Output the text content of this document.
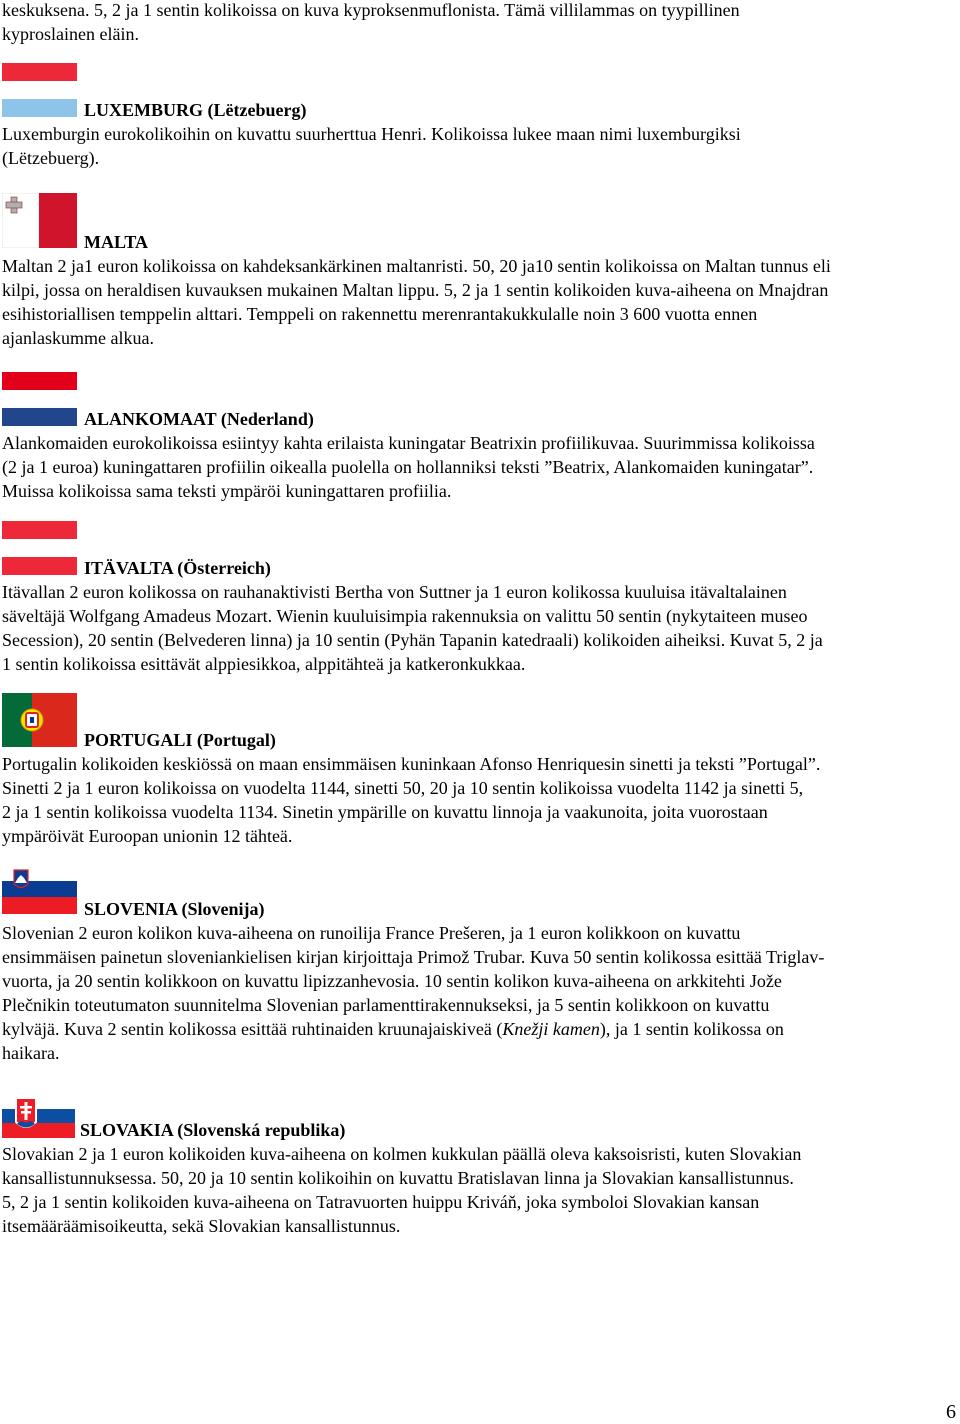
keskuksena. 5, 2 ja 1 sentin kolikoissa on kuva kyproksenmuflonista. Tämä villilammas on tyypillinen
kyproslainen eläin.
LUXEMBURG (Lëtzebuerg)
Luxemburgin eurokolikoihin on kuvattu suurherttua Henri. Kolikoissa lukee maan nimi luxemburgiksi
(Lëtzebuerg).
MALTA
Maltan 2 ja1 euron kolikoissa on kahdeksankärkinen maltanristi. 50, 20 ja10 sentin kolikoissa on Maltan tunnus eli
kilpi, jossa on heraldisen kuvauksen mukainen Maltan lippu. 5, 2 ja 1 sentin kolikoiden kuva-aiheena on Mnajdran
esihistoriallisen temppelin alttari. Temppeli on rakennettu merenrantakukkulalle noin 3 600 vuotta ennen
ajanlaskumme alkua.
ALANKOMAAT (Nederland)
Alankomaiden eurokolikoissa esiintyy kahta erilaista kuningatar Beatrixin profiilikuvaa. Suurimmissa kolikoissa
(2 ja 1 euroa) kuningattaren profiilin oikealla puolella on hollanniksi teksti ”Beatrix, Alankomaiden kuningatar”.
Muissa kolikoissa sama teksti ympäröi kuningattaren profiilia.
ITÄVALTA (Österreich)
Itävallan 2 euron kolikossa on rauhanaktivisti Bertha von Suttner ja 1 euron kolikossa kuuluisa itävaltalainen
säveltäjä Wolfgang Amadeus Mozart. Wienin kuuluisimpia rakennuksia on valittu 50 sentin (nykytaiteen museo
Secession), 20 sentin (Belvederen linna) ja 10 sentin (Pyhän Tapanin katedraali) kolikoiden aiheiksi. Kuvat 5, 2 ja
1 sentin kolikoissa esittävät alppiesikkoa, alppitähteä ja katkeronkukkaa.
PORTUGALI (Portugal)
Portugalin kolikoiden keskiössä on maan ensimmäisen kuninkaan Afonso Henriquesin sinetti ja teksti ”Portugal”.
Sinetti 2 ja 1 euron kolikoissa on vuodelta 1144, sinetti 50, 20 ja 10 sentin kolikoissa vuodelta 1142 ja sinetti 5,
2 ja 1 sentin kolikoissa vuodelta 1134. Sinetin ympärille on kuvattu linnoja ja vaakunoita, joita vuorostaan
ympäröivät Euroopan unionin 12 tähteä.
SLOVENIA (Slovenija)
Slovenian 2 euron kolikon kuva-aiheena on runoilija France Prešeren, ja 1 euron kolikkoon on kuvattu
ensimmäisen painetun sloveniankielisen kirjan kirjoittaja Primož Trubar. Kuva 50 sentin kolikossa esittää Triglav-
vuorta, ja 20 sentin kolikkoon on kuvattu lipizzanhevosia. 10 sentin kolikon kuva-aiheena on arkkitehti Jože
Plečnikin toteutumaton suunnitelma Slovenian parlamenttirakennukseksi, ja 5 sentin kolikkoon on kuvattu
kylväjä. Kuva 2 sentin kolikossa esittää ruhtinaiden kruunajaiskiveä (Knežji kamen), ja 1 sentin kolikossa on
haikara.
SLOVAKIA (Slovenská republika)
Slovakian 2 ja 1 euron kolikoiden kuva-aiheena on kolmen kukkulan päällä oleva kaksoisristi, kuten Slovakian
kansallistunnuksessa. 50, 20 ja 10 sentin kolikoihin on kuvattu Bratislavan linna ja Slovakian kansallistunnus.
5, 2 ja 1 sentin kolikoiden kuva-aiheena on Tatravuorten huippu Kriváň, joka symboloi Slovakian kansan
itsemääräämisoikeutta, sekä Slovakian kansallistunnus.
6
